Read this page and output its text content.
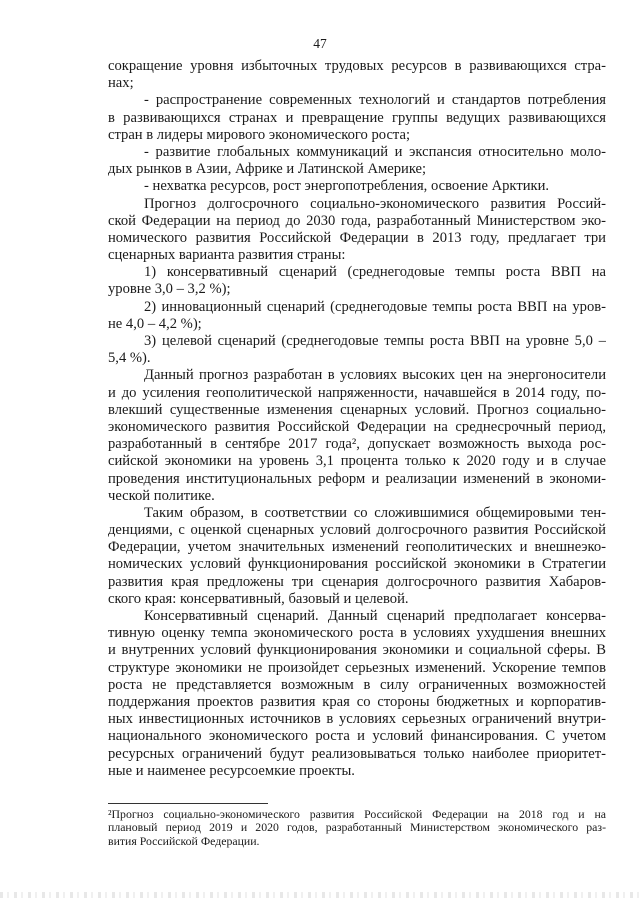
47
сокращение уровня избыточных трудовых ресурсов в развивающихся стра-
нах;
- распространение современных технологий и стандартов потребления
в развивающихся странах и превращение группы ведущих развивающихся
стран в лидеры мирового экономического роста;
- развитие глобальных коммуникаций и экспансия относительно моло-
дых рынков в Азии, Африке и Латинской Америке;
- нехватка ресурсов, рост энергопотребления, освоение Арктики.
Прогноз долгосрочного социально-экономического развития Россий-
ской Федерации на период до 2030 года, разработанный Министерством эко-
номического развития Российской Федерации в 2013 году, предлагает три
сценарных варианта развития страны:
1) консервативный сценарий (среднегодовые темпы роста ВВП на
уровне 3,0 – 3,2 %);
2) инновационный сценарий (среднегодовые темпы роста ВВП на уров-
не 4,0 – 4,2 %);
3) целевой сценарий (среднегодовые темпы роста ВВП на уровне 5,0 –
5,4 %).
Данный прогноз разработан в условиях высоких цен на энергоносители
и до усиления геополитической напряженности, начавшейся в 2014 году, по-
влекший существенные изменения сценарных условий. Прогноз социально-
экономического развития Российской Федерации на среднесрочный период,
разработанный в сентябре 2017 года², допускает возможность выхода рос-
сийской экономики на уровень 3,1 процента только к 2020 году и в случае
проведения институциональных реформ и реализации изменений в экономи-
ческой политике.
Таким образом, в соответствии со сложившимися общемировыми тен-
денциями, с оценкой сценарных условий долгосрочного развития Российской
Федерации, учетом значительных изменений геополитических и внешнеэко-
номических условий функционирования российской экономики в Стратегии
развития края предложены три сценария долгосрочного развития Хабаров-
ского края: консервативный, базовый и целевой.
Консервативный сценарий. Данный сценарий предполагает консерва-
тивную оценку темпа экономического роста в условиях ухудшения внешних
и внутренних условий функционирования экономики и социальной сферы. В
структуре экономики не произойдет серьезных изменений. Ускорение темпов
роста не представляется возможным в силу ограниченных возможностей
поддержания проектов развития края со стороны бюджетных и корпоратив-
ных инвестиционных источников в условиях серьезных ограничений внутри-
национального экономического роста и условий финансирования. С учетом
ресурсных ограничений будут реализовываться только наиболее приоритет-
ные и наименее ресурсоемкие проекты.
²Прогноз социально-экономического развития Российской Федерации на 2018 год и на
плановый период 2019 и 2020 годов, разработанный Министерством экономического раз-
вития Российской Федерации.
